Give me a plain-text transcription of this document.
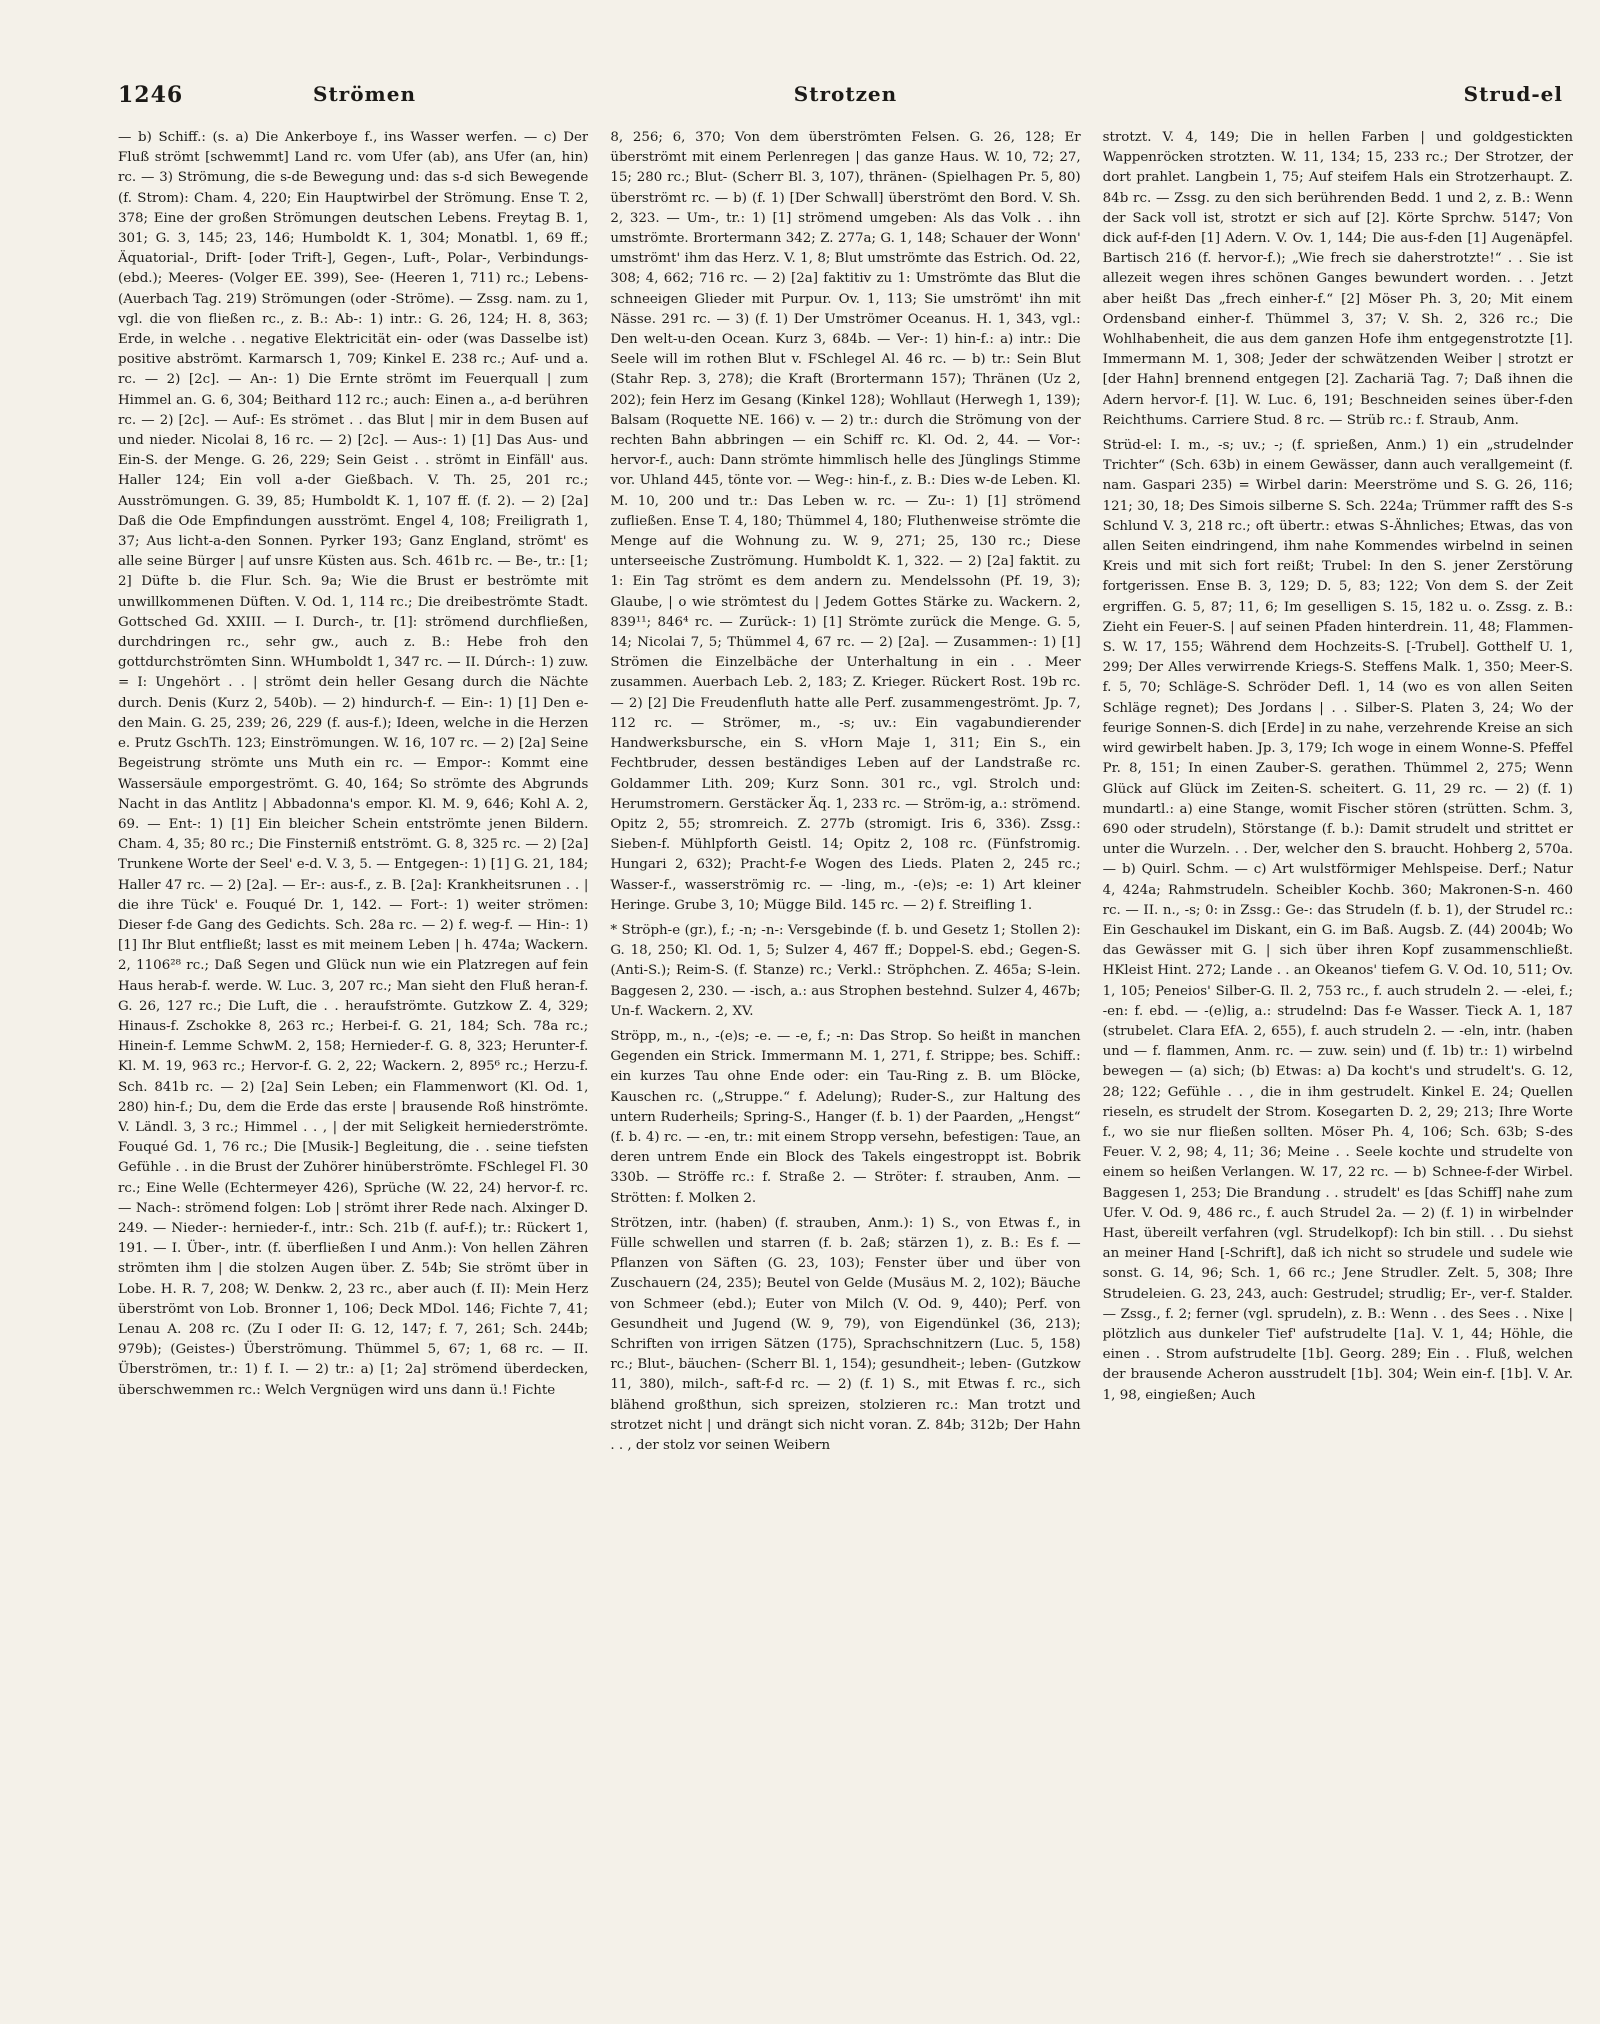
1246	Strömen	Strotzen	Strud-el

— b) Schiff.: (s. a) Die Ankerboye f., ins Wasser werfen. — c) Der Fluß strömt [schwemmt] Land rc. vom Ufer (ab), ans Ufer (an, hin) rc. — 3) Strömung, die s-de Bewegung und: das s-d sich Bewegende (f. Strom): Cham. 4, 220; Ein Hauptwirbel der Strömung. Ense T. 2, 378; Eine der großen Strömungen deutschen Lebens. Freytag B. 1, 301; G. 3, 145; 23, 146; Humboldt K. 1, 304; Monatbl. 1, 69 ff.; Äquatorial-, Drift- [oder Trift-], Gegen-, Luft-, Polar-, Verbindungs- (ebd.); Meeres- (Volger EE. 399), See- (Heeren 1, 711) rc.; Lebens- (Auerbach Tag. 219) Strömungen (oder -Ströme). — Zssg. nam. zu 1, vgl. die von fließen rc., z. B.: Ab-: 1) intr.: G. 26, 124; H. 8, 363; Erde, in welche . . negative Elektricität ein- oder (was Dasselbe ist) positive abströmt. Karmarsch 1, 709; Kinkel E. 238 rc.; Auf- und a. rc. — 2) [2c]. — An-: 1) Die Ernte strömt im Feuerquall | zum Himmel an. G. 6, 304; Beithard 112 rc.; auch: Einen a., a-d berühren rc. — 2) [2c]. — Auf-: Es strömet . . das Blut | mir in dem Busen auf und nieder. Nicolai 8, 16 rc. — 2) [2c]. — Aus-: 1) [1] Das Aus- und Ein-S. der Menge. G. 26, 229; Sein Geist . . strömt in Einfäll' aus. Haller 124; Ein voll a-der Gießbach. V. Th. 25, 201 rc.; Ausströmungen. G. 39, 85; Humboldt K. 1, 107 ff. (f. 2). — 2) [2a] Daß die Ode Empfindungen ausströmt. Engel 4, 108; Freiligrath 1, 37; Aus licht-a-den Sonnen. Pyrker 193; Ganz England, strömt' es alle seine Bürger | auf unsre Küsten aus. Sch. 461b rc. — Be-, tr.: [1; 2] Düfte b. die Flur. Sch. 9a; Wie die Brust er beströmte mit unwillkommenen Düften. V. Od. 1, 114 rc.; Die dreibeströmte Stadt. Gottsched Gd. XXIII. — I. Durch-, tr. [1]: strömend durchfließen, durchdringen rc., sehr gw., auch z. B.: Hebe froh den gottdurchströmten Sinn. WHumboldt 1, 347 rc. — II. Dúrch-: 1) zuw. = I: Ungehört . . | strömt dein heller Gesang durch die Nächte durch. Denis (Kurz 2, 540b). — 2) hindurch-f. — Ein-: 1) [1] Den e-den Main. G. 25, 239; 26, 229 (f. aus-f.); Ideen, welche in die Herzen e. Prutz GschTh. 123; Einströmungen. W. 16, 107 rc. — 2) [2a] Seine Begeistrung strömte uns Muth ein rc. — Empor-: Kommt eine Wassersäule emporgeströmt. G. 40, 164; So strömte des Abgrunds Nacht in das Antlitz | Abbadonna's empor. Kl. M. 9, 646; Kohl A. 2, 69. — Ent-: 1) [1] Ein bleicher Schein entströmte jenen Bildern. Cham. 4, 35; 80 rc.; Die Finsterniß entströmt. G. 8, 325 rc. — 2) [2a] Trunkene Worte der Seel' e-d. V. 3, 5. — Entgegen-: 1) [1] G. 21, 184; Haller 47 rc. — 2) [2a]. — Er-: aus-f., z. B. [2a]: Krankheitsrunen . . | die ihre Tück' e. Fouqué Dr. 1, 142. — Fort-: 1) weiter strömen: Dieser f-de Gang des Gedichts. Sch. 28a rc. — 2) f. weg-f. — Hin-: 1) [1] Ihr Blut entfließt; lasst es mit meinem Leben | h. 474a; Wackern. 2, 1106²⁸ rc.; Daß Segen und Glück nun wie ein Platzregen auf fein Haus herab-f. werde. W. Luc. 3, 207 rc.; Man sieht den Fluß heran-f. G. 26, 127 rc.; Die Luft, die . . heraufströmte. Gutzkow Z. 4, 329; Hinaus-f. Zschokke 8, 263 rc.; Herbei-f. G. 21, 184; Sch. 78a rc.; Hinein-f. Lemme SchwM. 2, 158; Hernieder-f. G. 8, 323; Herunter-f. Kl. M. 19, 963 rc.; Hervor-f. G. 2, 22; Wackern. 2, 895⁶ rc.; Herzu-f. Sch. 841b rc. — 2) [2a] Sein Leben; ein Flammenwort (Kl. Od. 1, 280) hin-f.; Du, dem die Erde das erste | brausende Roß hinströmte. V. Ländl. 3, 3 rc.; Himmel . . , | der mit Seligkeit herniederströmte. Fouqué Gd. 1, 76 rc.; Die [Musik-] Begleitung, die . . seine tiefsten Gefühle . . in die Brust der Zuhörer hinüberströmte. FSchlegel Fl. 30 rc.; Eine Welle (Echtermeyer 426), Sprüche (W. 22, 24) hervor-f. rc. — Nach-: strömend folgen: Lob | strömt ihrer Rede nach. Alxinger D. 249. — Nieder-: hernieder-f., intr.: Sch. 21b (f. auf-f.); tr.: Rückert 1, 191. — I. Über-, intr. (f. überfließen I und Anm.): Von hellen Zähren strömten ihm | die stolzen Augen über. Z. 54b; Sie strömt über in Lobe. H. R. 7, 208; W. Denkw. 2, 23 rc., aber auch (f. II): Mein Herz überströmt von Lob. Bronner 1, 106; Deck MDol. 146; Fichte 7, 41; Lenau A. 208 rc. (Zu I oder II: G. 12, 147; f. 7, 261; Sch. 244b; 979b); (Geistes-) Überströmung. Thümmel 5, 67; 1, 68 rc. — II. Überströmen, tr.: 1) f. I. — 2) tr.: a) [1; 2a] strömend überdecken, überschwemmen rc.: Welch Vergnügen wird uns dann ü.! Fichte

8, 256; 6, 370; Von dem überströmten Felsen. G. 26, 128; Er überströmt mit einem Perlenregen | das ganze Haus. W. 10, 72; 27, 15; 280 rc.; Blut- (Scherr Bl. 3, 107), thränen- (Spielhagen Pr. 5, 80) überströmt rc. — b) (f. 1) [Der Schwall] überströmt den Bord. V. Sh. 2, 323. — Um-, tr.: 1) [1] strömend umgeben: Als das Volk . . ihn umströmte. Brortermann 342; Z. 277a; G. 1, 148; Schauer der Wonn' umströmt' ihm das Herz. V. 1, 8; Blut umströmte das Estrich. Od. 22, 308; 4, 662; 716 rc. — 2) [2a] faktitiv zu 1: Umströmte das Blut die schneeigen Glieder mit Purpur. Ov. 1, 113; Sie umströmt' ihn mit Nässe. 291 rc. — 3) (f. 1) Der Umströmer Oceanus. H. 1, 343, vgl.: Den welt-u-den Ocean. Kurz 3, 684b. — Ver-: 1) hin-f.: a) intr.: Die Seele will im rothen Blut v. FSchlegel Al. 46 rc. — b) tr.: Sein Blut (Stahr Rep. 3, 278); die Kraft (Brortermann 157); Thränen (Uz 2, 202); fein Herz im Gesang (Kinkel 128); Wohllaut (Herwegh 1, 139); Balsam (Roquette NE. 166) v. — 2) tr.: durch die Strömung von der rechten Bahn abbringen — ein Schiff rc. Kl. Od. 2, 44. — Vor-: hervor-f., auch: Dann strömte himmlisch helle des Jünglings Stimme vor. Uhland 445, tönte vor. — Weg-: hin-f., z. B.: Dies w-de Leben. Kl. M. 10, 200 und tr.: Das Leben w. rc. — Zu-: 1) [1] strömend zufließen. Ense T. 4, 180; Thümmel 4, 180; Fluthenweise strömte die Menge auf die Wohnung zu. W. 9, 271; 25, 130 rc.; Diese unterseeische Zuströmung. Humboldt K. 1, 322. — 2) [2a] faktit. zu 1: Ein Tag strömt es dem andern zu. Mendelssohn (Pf. 19, 3); Glaube, | o wie strömtest du | Jedem Gottes Stärke zu. Wackern. 2, 839¹¹; 846⁴ rc. — Zurück-: 1) [1] Strömte zurück die Menge. G. 5, 14; Nicolai 7, 5; Thümmel 4, 67 rc. — 2) [2a]. — Zusammen-: 1) [1] Strömen die Einzelbäche der Unterhaltung in ein . . Meer zusammen. Auerbach Leb. 2, 183; Z. Krieger. Rückert Rost. 19b rc. — 2) [2] Die Freudenfluth hatte alle Perf. zusammengeströmt. Jp. 7, 112 rc. — Strömer, m., -s; uv.: Ein vagabundierender Handwerksbursche, ein S. vHorn Maje 1, 311; Ein S., ein Fechtbruder, dessen beständiges Leben auf der Landstraße rc. Goldammer Lith. 209; Kurz Sonn. 301 rc., vgl. Strolch und: Herumstromern. Gerstäcker Äq. 1, 233 rc. — Ström-ig, a.: strömend. Opitz 2, 55; stromreich. Z. 277b (stromigt. Iris 6, 336). Zssg.: Sieben-f. Mühlpforth Geistl. 14; Opitz 2, 108 rc. (Fünfstromig. Hungari 2, 632); Pracht-f-e Wogen des Lieds. Platen 2, 245 rc.; Wasser-f., wasserströmig rc. — -ling, m., -(e)s; -e: 1) Art kleiner Heringe. Grube 3, 10; Mügge Bild. 145 rc. — 2) f. Streifling 1.

* Ströph-e (gr.), f.; -n; -n-: Versgebinde (f. b. und Gesetz 1; Stollen 2): G. 18, 250; Kl. Od. 1, 5; Sulzer 4, 467 ff.; Doppel-S. ebd.; Gegen-S. (Anti-S.); Reim-S. (f. Stanze) rc.; Verkl.: Ströphchen. Z. 465a; S-lein. Baggesen 2, 230. — -isch, a.: aus Strophen bestehnd. Sulzer 4, 467b; Un-f. Wackern. 2, XV.

Ströpp, m., n., -(e)s; -e. — -e, f.; -n: Das Strop. So heißt in manchen Gegenden ein Strick. Immermann M. 1, 271, f. Strippe; bes. Schiff.: ein kurzes Tau ohne Ende oder: ein Tau-Ring z. B. um Blöcke, Kauschen rc. („Struppe.“ f. Adelung); Ruder-S., zur Haltung des untern Ruderheils; Spring-S., Hanger (f. b. 1) der Paarden, „Hengst“ (f. b. 4) rc. — -en, tr.: mit einem Stropp versehn, befestigen: Taue, an deren untrem Ende ein Block des Takels eingestroppt ist. Bobrik 330b. — Ströffe rc.: f. Straße 2. — Ströter: f. strauben, Anm. — Strötten: f. Molken 2.

Strötzen, intr. (haben) (f. strauben, Anm.): 1) S., von Etwas f., in Fülle schwellen und starren (f. b. 2aß; stärzen 1), z. B.: Es f. — Pflanzen von Säften (G. 23, 103); Fenster über und über von Zuschauern (24, 235); Beutel von Gelde (Musäus M. 2, 102); Bäuche von Schmeer (ebd.); Euter von Milch (V. Od. 9, 440); Perf. von Gesundheit und Jugend (W. 9, 79), von Eigendünkel (36, 213); Schriften von irrigen Sätzen (175), Sprachschnitzern (Luc. 5, 158) rc.; Blut-, bäuchen- (Scherr Bl. 1, 154); gesundheit-; leben- (Gutzkow 11, 380), milch-, saft-f-d rc. — 2) (f. 1) S., mit Etwas f. rc., sich blähend großthun, sich spreizen, stolzieren rc.: Man trotzt und strotzet nicht | und drängt sich nicht voran. Z. 84b; 312b; Der Hahn . . , der stolz vor seinen Weibern

strotzt. V. 4, 149; Die in hellen Farben | und goldgestickten Wappenröcken strotzten. W. 11, 134; 15, 233 rc.; Der Strotzer, der dort prahlet. Langbein 1, 75; Auf steifem Hals ein Strotzerhaupt. Z. 84b rc. — Zssg. zu den sich berührenden Bedd. 1 und 2, z. B.: Wenn der Sack voll ist, strotzt er sich auf [2]. Körte Sprchw. 5147; Von dick auf-f-den [1] Adern. V. Ov. 1, 144; Die aus-f-den [1] Augenäpfel. Bartisch 216 (f. hervor-f.); „Wie frech sie daherstrotzte!“ . . Sie ist allezeit wegen ihres schönen Ganges bewundert worden. . . Jetzt aber heißt Das „frech einher-f.“ [2] Möser Ph. 3, 20; Mit einem Ordensband einher-f. Thümmel 3, 37; V. Sh. 2, 326 rc.; Die Wohlhabenheit, die aus dem ganzen Hofe ihm entgegenstrotzte [1]. Immermann M. 1, 308; Jeder der schwätzenden Weiber | strotzt er [der Hahn] brennend entgegen [2]. Zachariä Tag. 7; Daß ihnen die Adern hervor-f. [1]. W. Luc. 6, 191; Beschneiden seines über-f-den Reichthums. Carriere Stud. 8 rc. — Strüb rc.: f. Straub, Anm.

Strüd-el: I. m., -s; uv.; -; (f. sprießen, Anm.) 1) ein „strudelnder Trichter“ (Sch. 63b) in einem Gewässer, dann auch verallgemeint (f. nam. Gaspari 235) = Wirbel darin: Meerströme und S. G. 26, 116; 121; 30, 18; Des Simois silberne S. Sch. 224a; Trümmer rafft des S-s Schlund V. 3, 218 rc.; oft übertr.: etwas S-Ähnliches; Etwas, das von allen Seiten eindringend, ihm nahe Kommendes wirbelnd in seinen Kreis und mit sich fort reißt; Trubel: In den S. jener Zerstörung fortgerissen. Ense B. 3, 129; D. 5, 83; 122; Von dem S. der Zeit ergriffen. G. 5, 87; 11, 6; Im geselligen S. 15, 182 u. o. Zssg. z. B.: Zieht ein Feuer-S. | auf seinen Pfaden hinterdrein. 11, 48; Flammen-S. W. 17, 155; Während dem Hochzeits-S. [-Trubel]. Gotthelf U. 1, 299; Der Alles verwirrende Kriegs-S. Steffens Malk. 1, 350; Meer-S. f. 5, 70; Schläge-S. Schröder Defl. 1, 14 (wo es von allen Seiten Schläge regnet); Des Jordans | . . Silber-S. Platen 3, 24; Wo der feurige Sonnen-S. dich [Erde] in zu nahe, verzehrende Kreise an sich wird gewirbelt haben. Jp. 3, 179; Ich woge in einem Wonne-S. Pfeffel Pr. 8, 151; In einen Zauber-S. gerathen. Thümmel 2, 275; Wenn Glück auf Glück im Zeiten-S. scheitert. G. 11, 29 rc. — 2) (f. 1) mundartl.: a) eine Stange, womit Fischer stören (strütten. Schm. 3, 690 oder strudeln), Störstange (f. b.): Damit strudelt und strittet er unter die Wurzeln. . . Der, welcher den S. braucht. Hohberg 2, 570a. — b) Quirl. Schm. — c) Art wulstförmiger Mehlspeise. Derf.; Natur 4, 424a; Rahmstrudeln. Scheibler Kochb. 360; Makronen-S-n. 460 rc. — II. n., -s; 0: in Zssg.: Ge-: das Strudeln (f. b. 1), der Strudel rc.: Ein Geschaukel im Diskant, ein G. im Baß. Augsb. Z. (44) 2004b; Wo das Gewässer mit G. | sich über ihren Kopf zusammenschließt. HKleist Hint. 272; Lande . . an Okeanos' tiefem G. V. Od. 10, 511; Ov. 1, 105; Peneios' Silber-G. Il. 2, 753 rc., f. auch strudeln 2. — -elei, f.; -en: f. ebd. — -(e)lig, a.: strudelnd: Das f-e Wasser. Tieck A. 1, 187 (strubelet. Clara EfA. 2, 655), f. auch strudeln 2. — -eln, intr. (haben und — f. flammen, Anm. rc. — zuw. sein) und (f. 1b) tr.: 1) wirbelnd bewegen — (a) sich; (b) Etwas: a) Da kocht's und strudelt's. G. 12, 28; 122; Gefühle . . , die in ihm gestrudelt. Kinkel E. 24; Quellen rieseln, es strudelt der Strom. Kosegarten D. 2, 29; 213; Ihre Worte f., wo sie nur fließen sollten. Möser Ph. 4, 106; Sch. 63b; S-des Feuer. V. 2, 98; 4, 11; 36; Meine . . Seele kochte und strudelte von einem so heißen Verlangen. W. 17, 22 rc. — b) Schnee-f-der Wirbel. Baggesen 1, 253; Die Brandung . . strudelt' es [das Schiff] nahe zum Ufer. V. Od. 9, 486 rc., f. auch Strudel 2a. — 2) (f. 1) in wirbelnder Hast, übereilt verfahren (vgl. Strudelkopf): Ich bin still. . . Du siehst an meiner Hand [-Schrift], daß ich nicht so strudele und sudele wie sonst. G. 14, 96; Sch. 1, 66 rc.; Jene Strudler. Zelt. 5, 308; Ihre Strudeleien. G. 23, 243, auch: Gestrudel; strudlig; Er-, ver-f. Stalder. — Zssg., f. 2; ferner (vgl. sprudeln), z. B.: Wenn . . des Sees . . Nixe | plötzlich aus dunkeler Tief' aufstrudelte [1a]. V. 1, 44; Höhle, die einen . . Strom aufstrudelte [1b]. Georg. 289; Ein . . Fluß, welchen der brausende Acheron ausstrudelt [1b]. 304; Wein ein-f. [1b]. V. Ar. 1, 98, eingießen; Auch
